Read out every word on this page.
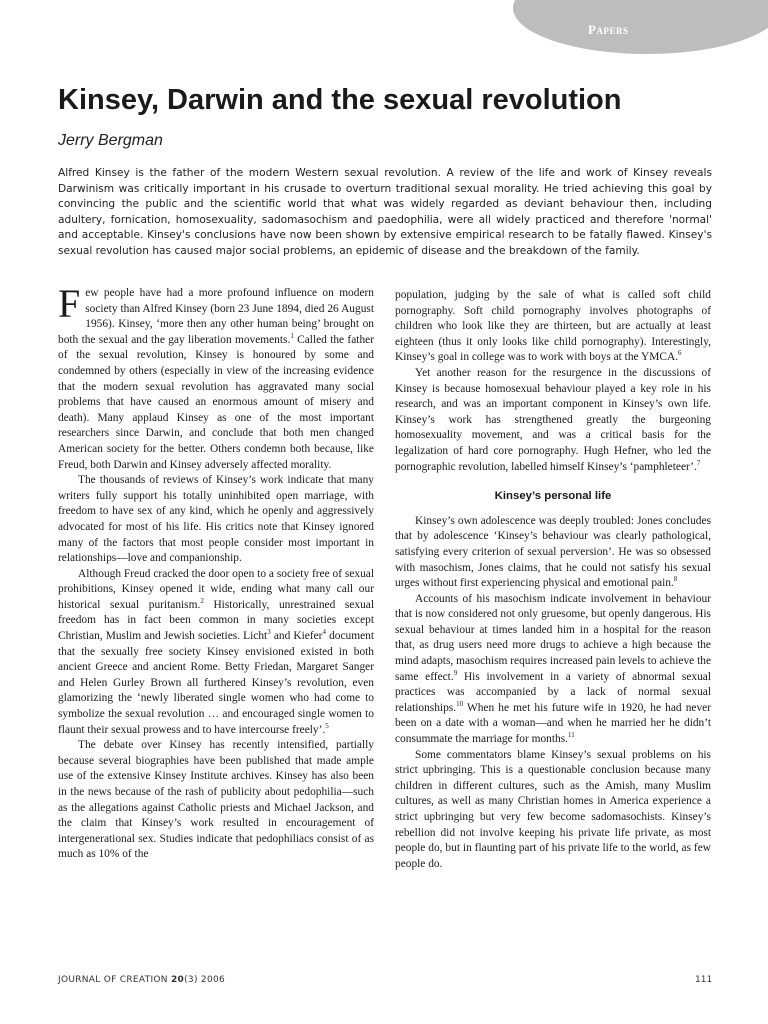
Papers
Kinsey, Darwin and the sexual revolution
Jerry Bergman

Alfred Kinsey is the father of the modern Western sexual revolution. A review of the life and work of Kinsey reveals Darwinism was critically important in his crusade to overturn traditional sexual morality. He tried achieving this goal by convincing the public and the scientific world that what was widely regarded as deviant behaviour then, including adultery, fornication, homosexuality, sadomasochism and paedophilia, were all widely practiced and therefore 'normal' and acceptable. Kinsey's conclusions have now been shown by extensive empirical research to be fatally flawed. Kinsey's sexual revolution has caused major social problems, an epidemic of disease and the breakdown of the family.

Few people have had a more profound influence on modern society than Alfred Kinsey (born 23 June 1894, died 26 August 1956). Kinsey, ‘more then any other human being’ brought on both the sexual and the gay liberation movements.$^1$ Called the father of the sexual revolution, Kinsey is honoured by some and condemned by others (especially in view of the increasing evidence that the modern sexual revolution has aggravated many social problems that have caused an enormous amount of misery and death). Many applaud Kinsey as one of the most important researchers since Darwin, and conclude that both men changed American society for the better. Others condemn both because, like Freud, both Darwin and Kinsey adversely affected morality.

The thousands of reviews of Kinsey’s work indicate that many writers fully support his totally uninhibited open marriage, with freedom to have sex of any kind, which he openly and aggressively advocated for most of his life. His critics note that Kinsey ignored many of the factors that most people consider most important in relationships—love and companionship.

Although Freud cracked the door open to a society free of sexual prohibitions, Kinsey opened it wide, ending what many call our historical sexual puritanism.$^2$ Historically, unrestrained sexual freedom has in fact been common in many societies except Christian, Muslim and Jewish societies. Licht$^3$ and Kiefer$^4$ document that the sexually free society Kinsey envisioned existed in both ancient Greece and ancient Rome. Betty Friedan, Margaret Sanger and Helen Gurley Brown all furthered Kinsey’s revolution, even glamorizing the ‘newly liberated single women who had come to symbolize the sexual revolution … and encouraged single women to flaunt their sexual prowess and to have intercourse freely’.$^5$

The debate over Kinsey has recently intensified, partially because several biographies have been published that made ample use of the extensive Kinsey Institute archives. Kinsey has also been in the news because of the rash of publicity about pedophilia—such as the allegations against Catholic priests and Michael Jackson, and the claim that Kinsey’s work resulted in encouragement of intergenerational sex. Studies indicate that pedophiliacs consist of as much as 10% of the

population, judging by the sale of what is called soft child pornography. Soft child pornography involves photographs of children who look like they are thirteen, but are actually at least eighteen (thus it only looks like child pornography). Interestingly, Kinsey’s goal in college was to work with boys at the YMCA.$^6$

Yet another reason for the resurgence in the discussions of Kinsey is because homosexual behaviour played a key role in his research, and was an important component in Kinsey’s own life. Kinsey’s work has strengthened greatly the burgeoning homosexuality movement, and was a critical basis for the legalization of hard core pornography. Hugh Hefner, who led the pornographic revolution, labelled himself Kinsey’s ‘pamphleteer’.$^7$

Kinsey’s personal life

Kinsey’s own adolescence was deeply troubled: Jones concludes that by adolescence ‘Kinsey’s behaviour was clearly pathological, satisfying every criterion of sexual perversion’. He was so obsessed with masochism, Jones claims, that he could not satisfy his sexual urges without first experiencing physical and emotional pain.$^8$

Accounts of his masochism indicate involvement in behaviour that is now considered not only gruesome, but openly dangerous. His sexual behaviour at times landed him in a hospital for the reason that, as drug users need more drugs to achieve a high because the mind adapts, masochism requires increased pain levels to achieve the same effect.$^9$ His involvement in a variety of abnormal sexual practices was accompanied by a lack of normal sexual relationships.$^{10}$ When he met his future wife in 1920, he had never been on a date with a woman—and when he married her he didn’t consummate the marriage for months.$^{11}$

Some commentators blame Kinsey’s sexual problems on his strict upbringing. This is a questionable conclusion because many children in different cultures, such as the Amish, many Muslim cultures, as well as many Christian homes in America experience a strict upbringing but very few become sadomasochists. Kinsey’s rebellion did not involve keeping his private life private, as most people do, but in flaunting part of his private life to the world, as few people do.

JOURNAL OF CREATION 20(3) 2006	111
